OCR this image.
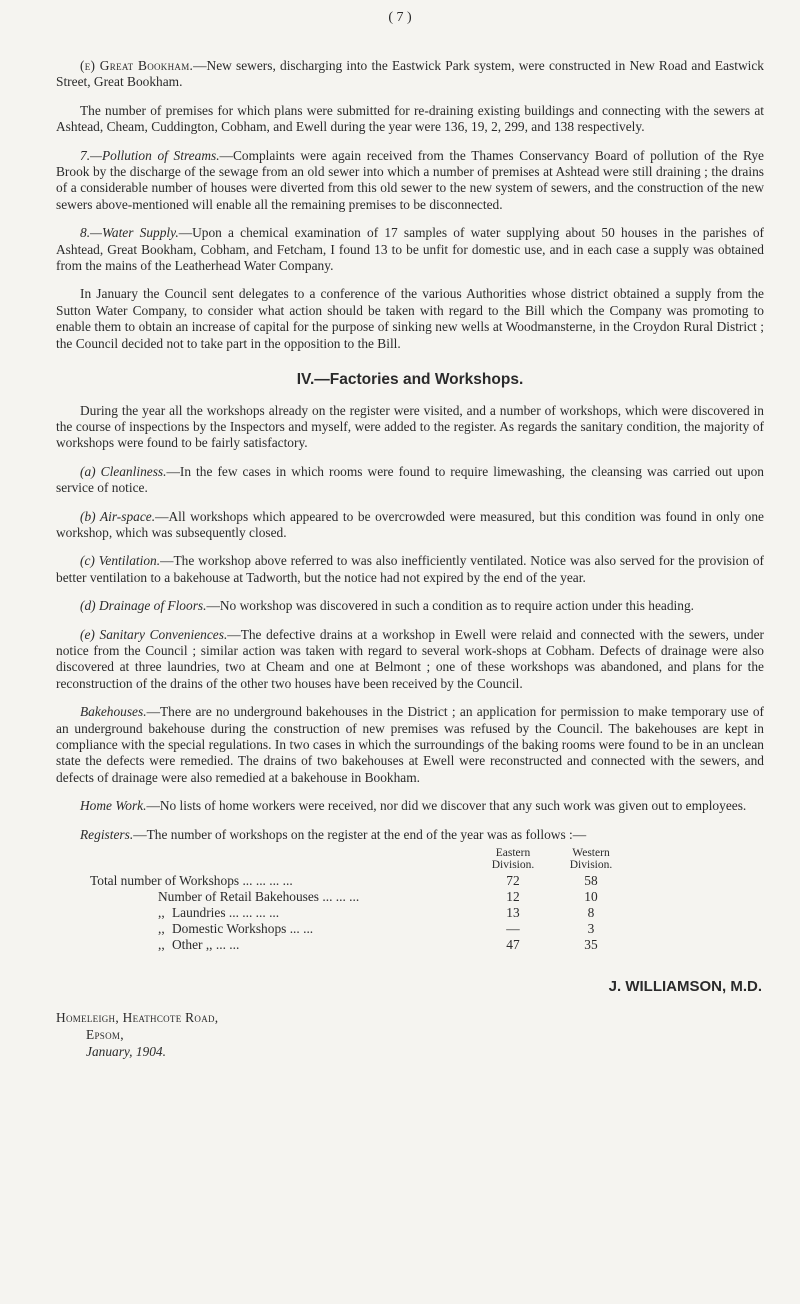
( 7 )

(e) Great Bookham.—New sewers, discharging into the Eastwick Park system, were constructed in New Road and Eastwick Street, Great Bookham.

The number of premises for which plans were submitted for re-draining existing buildings and connecting with the sewers at Ashtead, Cheam, Cuddington, Cobham, and Ewell during the year were 136, 19, 2, 299, and 138 respectively.

7.—Pollution of Streams.—Complaints were again received from the Thames Conservancy Board of pollution of the Rye Brook by the discharge of the sewage from an old sewer into which a number of premises at Ashtead were still draining ; the drains of a considerable number of houses were diverted from this old sewer to the new system of sewers, and the construction of the new sewers above-mentioned will enable all the remaining premises to be disconnected.

8.—Water Supply.—Upon a chemical examination of 17 samples of water supplying about 50 houses in the parishes of Ashtead, Great Bookham, Cobham, and Fetcham, I found 13 to be unfit for domestic use, and in each case a supply was obtained from the mains of the Leatherhead Water Company.

In January the Council sent delegates to a conference of the various Authorities whose district obtained a supply from the Sutton Water Company, to consider what action should be taken with regard to the Bill which the Company was promoting to enable them to obtain an increase of capital for the purpose of sinking new wells at Woodmansterne, in the Croydon Rural District ; the Council decided not to take part in the opposition to the Bill.

IV.—Factories and Workshops.

During the year all the workshops already on the register were visited, and a number of workshops, which were discovered in the course of inspections by the Inspectors and myself, were added to the register. As regards the sanitary condition, the majority of workshops were found to be fairly satisfactory.

(a) Cleanliness.—In the few cases in which rooms were found to require limewashing, the cleansing was carried out upon service of notice.

(b) Air-space.—All workshops which appeared to be overcrowded were measured, but this condition was found in only one workshop, which was subsequently closed.

(c) Ventilation.—The workshop above referred to was also inefficiently ventilated. Notice was also served for the provision of better ventilation to a bakehouse at Tadworth, but the notice had not expired by the end of the year.

(d) Drainage of Floors.—No workshop was discovered in such a condition as to require action under this heading.

(e) Sanitary Conveniences.—The defective drains at a workshop in Ewell were relaid and connected with the sewers, under notice from the Council ; similar action was taken with regard to several work-shops at Cobham. Defects of drainage were also discovered at three laundries, two at Cheam and one at Belmont ; one of these workshops was abandoned, and plans for the reconstruction of the drains of the other two houses have been received by the Council.

Bakehouses.—There are no underground bakehouses in the District ; an application for permission to make temporary use of an underground bakehouse during the construction of new premises was refused by the Council. The bakehouses are kept in compliance with the special regulations. In two cases in which the surroundings of the baking rooms were found to be in an unclean state the defects were remedied. The drains of two bakehouses at Ewell were reconstructed and connected with the sewers, and defects of drainage were also remedied at a bakehouse in Bookham.

Home Work.—No lists of home workers were received, nor did we discover that any such work was given out to employees.

Registers.—The number of workshops on the register at the end of the year was as follows :—

Eastern
Division.
Western
Division.
Total number of Workshops ... ... ... ...	72	58
Number of Retail Bakehouses ... ... ...	12	10
,, Laundries ... ... ... ...	13	8
,, Domestic Workshops ... ...	—	3
,, Other ,, ... ...	47	35
J. WILLIAMSON, M.D.
Homeleigh, Heathcote Road,
Epsom,
January, 1904.
